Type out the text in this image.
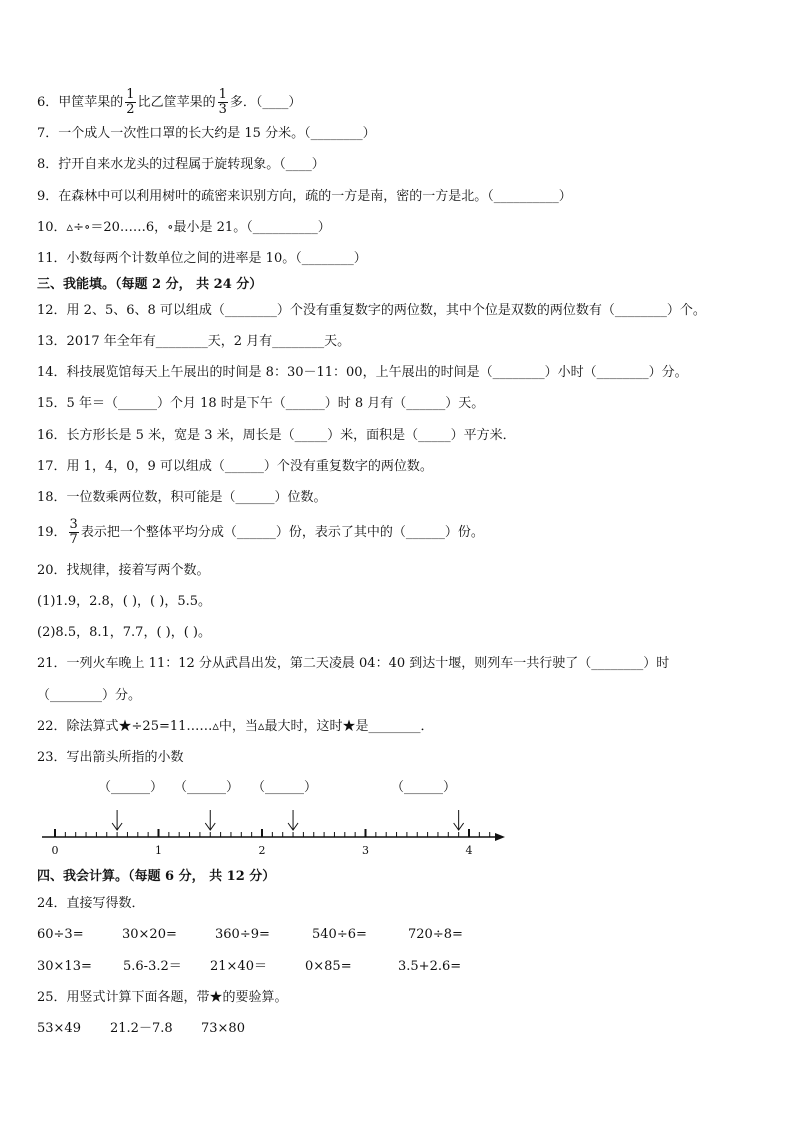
6．甲筐苹果的 $\frac{1}{2}$ 比乙筐苹果的 $\frac{1}{3}$ 多．（____）
7．一个成人一次性口罩的长大约是 15 分米。（________）
8．拧开自来水龙头的过程属于旋转现象。（____）
9．在森林中可以利用树叶的疏密来识别方向，疏的一方是南，密的一方是北。（__________）
10．▵÷∘＝20……6，∘最小是 21。（__________）
11．小数每两个计数单位之间的进率是 10。（________）
三、我能填。（每题 2 分， 共 24 分）
12．用 2、5、6、8 可以组成（________）个没有重复数字的两位数，其中个位是双数的两位数有（________）个。
13．2017 年全年有________天，2 月有________天。
14．科技展览馆每天上午展出的时间是 8：30－11：00，上午展出的时间是（________）小时（________）分。
15．5 年＝（______）个月 18 时是下午（______）时 8 月有（______）天。
16．长方形长是 5 米，宽是 3 米，周长是（_____）米，面积是（_____）平方米．
17．用 1，4，0，9 可以组成（______）个没有重复数字的两位数。
18．一位数乘两位数，积可能是（______）位数。
19． $\frac{3}{7}$ 表示把一个整体平均分成（______）份，表示了其中的（______）份。
20．找规律，接着写两个数。
(1)1.9，2.8，( )，( )，5.5。
(2)8.5，8.1，7.7，( )，( )。
21．一列火车晚上 11：12 分从武昌出发，第二天凌晨 04：40 到达十堰，则列车一共行驶了（________）时
（________）分。
22．除法算式★÷25=11……▵中，当▵最大时，这时★是________．
23．写出箭头所指的小数
（______） （______） （______）	（______）
0	1	2	3	4
四、我会计算。（每题 6 分， 共 12 分）
24．直接写得数．
60÷3=	30×20=	360÷9=	540÷6=	720÷8=
30×13= 5.6-3.2＝ 21×40＝	0×85=	3.5+2.6=
25．用竖式计算下面各题，带★的要验算。
53×49 21.2－7.8 73×80
